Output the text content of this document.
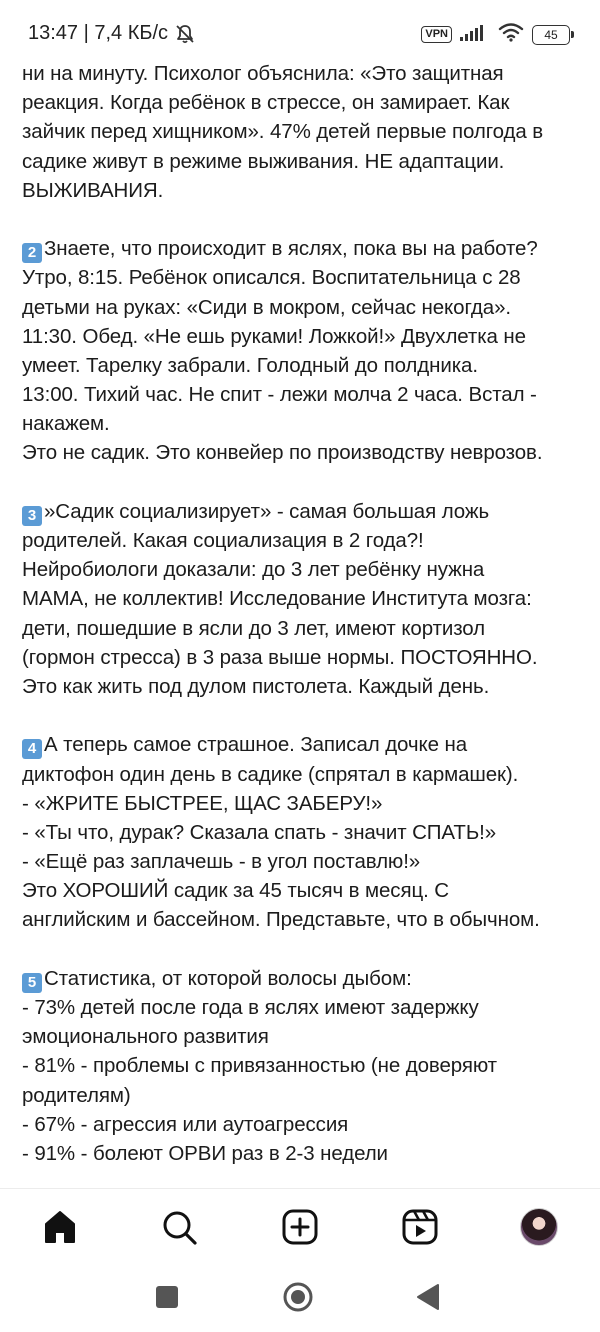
13:47 | 7,4 КБ/с	VPN	45
ни на минуту. Психолог объяснила: «Это защитная
реакция. Когда ребёнок в стрессе, он замирает. Как
зайчик перед хищником». 47% детей первые полгода в
садике живут в режиме выживания. НЕ адаптации.
ВЫЖИВАНИЯ.
2 Знаете, что происходит в яслях, пока вы на работе?
Утро, 8:15. Ребёнок описался. Воспитательница с 28
детьми на руках: «Сиди в мокром, сейчас некогда».
11:30. Обед. «Не ешь руками! Ложкой!» Двухлетка не
умеет. Тарелку забрали. Голодный до полдника.
13:00. Тихий час. Не спит - лежи молча 2 часа. Встал -
накажем.
Это не садик. Это конвейер по производству неврозов.
3 »Садик социализирует» - самая большая ложь
родителей. Какая социализация в 2 года?!
Нейробиологи доказали: до 3 лет ребёнку нужна
МАМА, не коллектив! Исследование Института мозга:
дети, пошедшие в ясли до 3 лет, имеют кортизол
(гормон стресса) в 3 раза выше нормы. ПОСТОЯННО.
Это как жить под дулом пистолета. Каждый день.
4 А теперь самое страшное. Записал дочке на
диктофон один день в садике (спрятал в кармашек).
- «ЖРИТЕ БЫСТРЕЕ, ЩАС ЗАБЕРУ!»
- «Ты что, дурак? Сказала спать - значит СПАТЬ!»
- «Ещё раз заплачешь - в угол поставлю!»
Это ХОРОШИЙ садик за 45 тысяч в месяц. С
английским и бассейном. Представьте, что в обычном.
5 Статистика, от которой волосы дыбом:
- 73% детей после года в яслях имеют задержку
эмоционального развития
- 81% - проблемы с привязанностью (не доверяют
родителям)
- 67% - агрессия или аутоагрессия
- 91% - болеют ОРВИ раз в 2-3 недели
